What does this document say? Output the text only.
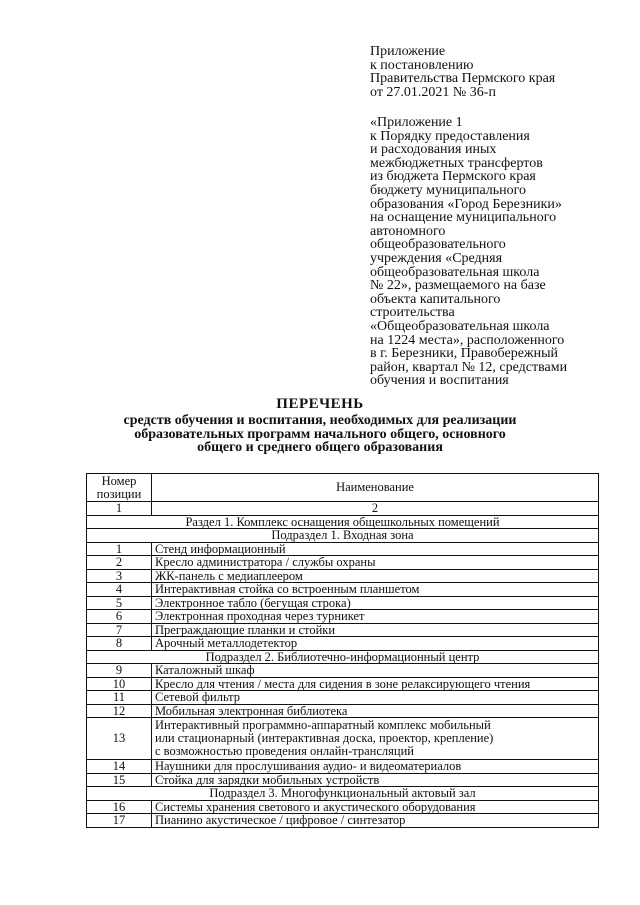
Приложение
к постановлению
Правительства Пермского края
от 27.01.2021 № 36-п
«Приложение 1
к Порядку предоставления
и расходования иных
межбюджетных трансфертов
из бюджета Пермского края
бюджету муниципального
образования «Город Березники»
на оснащение муниципального
автономного
общеобразовательного
учреждения «Средняя
общеобразовательная школа
№ 22», размещаемого на базе
объекта капитального
строительства
«Общеобразовательная школа
на 1224 места», расположенного
в г. Березники, Правобережный
район, квартал № 12, средствами
обучения и воспитания
ПЕРЕЧЕНЬ
средств обучения и воспитания, необходимых для реализации
образовательных программ начального общего, основного
общего и среднего общего образования
Номер
позиции	Наименование
1	2
Раздел 1. Комплекс оснащения общешкольных помещений	
Подраздел 1. Входная зона	
1	Стенд информационный
2	Кресло администратора / службы охраны
3	ЖК-панель с медиаплеером
4	Интерактивная стойка со встроенным планшетом
5	Электронное табло (бегущая строка)
6	Электронная проходная через турникет
7	Преграждающие планки и стойки
8	Арочный металлодетектор
Подраздел 2. Библиотечно-информационный центр	
9	Каталожный шкаф
10	Кресло для чтения / места для сидения в зоне релаксирующего чтения
11	Сетевой фильтр
12	Мобильная электронная библиотека
13	Интерактивный программно-аппаратный комплекс мобильный
или стационарный (интерактивная доска, проектор, крепление)
с возможностью проведения онлайн-трансляций

14	Наушники для прослушивания аудио- и видеоматериалов
15	Стойка для зарядки мобильных устройств
Подраздел 3. Многофункциональный актовый зал	
16	Системы хранения светового и акустического оборудования
17	Пианино акустическое / цифровое / синтезатор
